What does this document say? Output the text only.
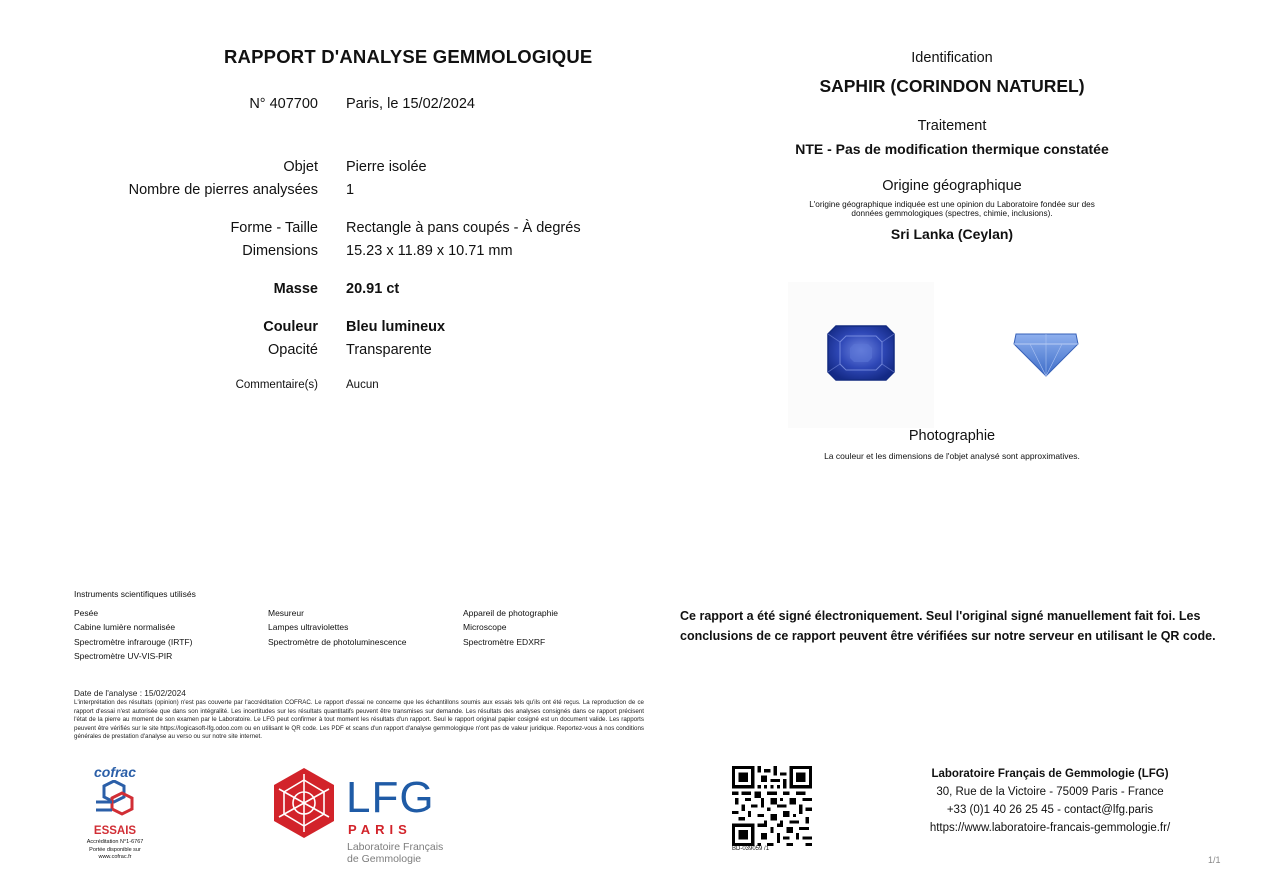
RAPPORT D'ANALYSE GEMMOLOGIQUE
N° 407700 Paris, le 15/02/2024
Objet Pierre isolée
Nombre de pierres analysées 1
Forme - Taille Rectangle à pans coupés - À degrés
Dimensions 15.23 x 11.89 x 10.71 mm
Masse 20.91 ct
Couleur Bleu lumineux
Opacité Transparente
Commentaire(s) Aucun
Identification
SAPHIR (CORINDON NATUREL)
Traitement
NTE - Pas de modification thermique constatée
Origine géographique
L'origine géographique indiquée est une opinion du Laboratoire fondée sur des
données gemmologiques (spectres, chimie, inclusions).
Sri Lanka (Ceylan)
Photographie
La couleur et les dimensions de l'objet analysé sont approximatives.
Instruments scientifiques utilisés
Pesée
Cabine lumière normalisée
Spectromètre infrarouge (IRTF)
Spectromètre UV-VIS-PIR
Mesureur
Lampes ultraviolettes
Spectromètre de photoluminescence
Appareil de photographie
Microscope
Spectromètre EDXRF
Date de l'analyse : 15/02/2024
L'interprétation des résultats (opinion) n'est pas couverte par l'accréditation COFRAC. Le rapport d'essai ne concerne que les échantillons soumis aux essais tels qu'ils ont été reçus. La reproduction de ce rapport d'essai n'est autorisée que dans son intégralité. Les incertitudes sur les résultats quantitatifs peuvent être transmises sur demande. Les résultats des analyses consignés dans ce rapport précisent l'état de la pierre au moment de son examen par le Laboratoire. Le LFG peut confirmer à tout moment les résultats d'un rapport. Seul le rapport original papier cosigné est un document valide. Les rapports peuvent être vérifiés sur le site https://logicasoft-lfg.odoo.com ou en utilisant le QR code. Les PDF et scans d'un rapport d'analyse gemmologique n'ont pas de valeur juridique. Reportez-vous à nos conditions générales de prestation d'analyse au verso ou sur notre site internet.
Ce rapport a été signé électroniquement. Seul l'original signé manuellement fait foi. Les
conclusions de ce rapport peuvent être vérifiées sur notre serveur en utilisant le QR code.
cofrac
ESSAIS
Accréditation N°1-6767
Portée disponible sur
www.cofrac.fr
LFG
PARIS
Laboratoire Français
de Gemmologie
BD-039059 /1
Laboratoire Français de Gemmologie (LFG)
30, Rue de la Victoire - 75009 Paris - France
+33 (0)1 40 26 25 45 - contact@lfg.paris
https://www.laboratoire-francais-gemmologie.fr/
1/1
